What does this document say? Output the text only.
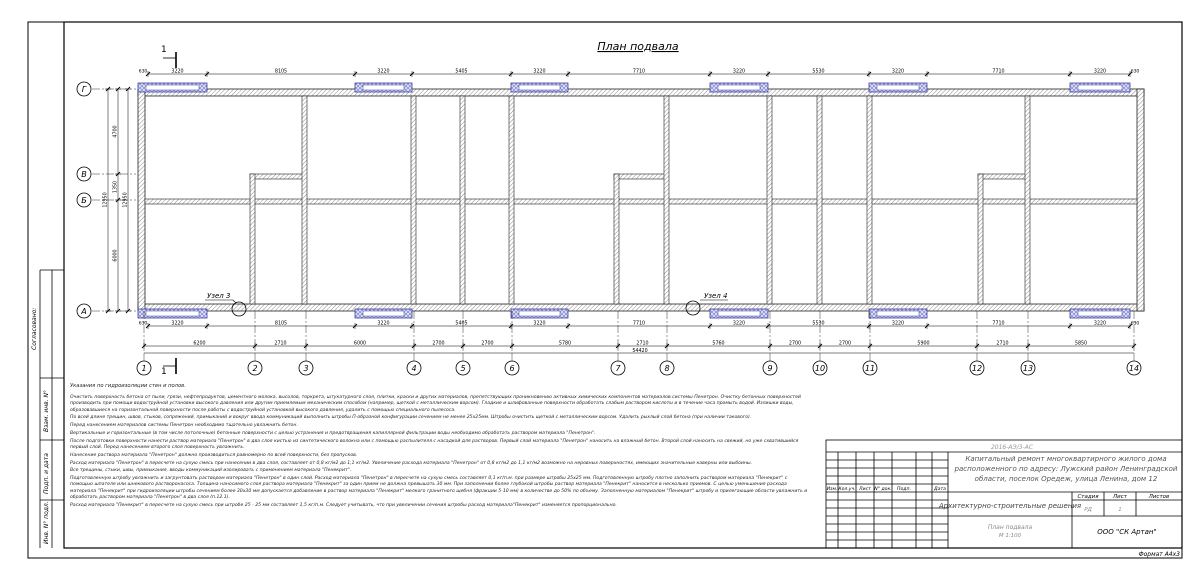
Согласовано:
Взам. инв. N°
Подп. и дата
Инв. N° подл.
План подвала
1
1
3220	8105	3220	5405	3220	7710	3220	5530	3220	7710	3220
630	630
3220	8105	3220	5405	3220	7710	3220	5530	3220	7710	3220
630	630
6200	2710	6000	2700	2700	5780	2710	5760	2700	2700	5900	2710	5850
54420
4700
1350
6000
12950	12950
Г
В
Б
А
1	2	3	4	5	6	7	8	9	10	11	12	13	14
Узел 3	Узел 4
2016-АЭ/3-АС
Капитальный ремонт многоквартирного жилого дома
расположенного по адресу: Лужский район Ленинградской
области, поселок Оредеж, улица Ленина, дом 12
Изм. Кол.уч. Лист N° док. Подп.	Дата
Архитектурно-строительные решения
Стадия	Лист	Листов
РД	1
План подвала
М 1:100	ООО "СК Артан"
Формат А4х3

Указания по гидроизоляции стен и полов.

Очистить поверхность бетона от пыли, грязи, нефтепродуктов, цементного молока, высолов, торкрета, штукатурного слоя, плитки, краски и других материалов, препятствующих проникновению активных химических компонентов материалов системы Пенетрон. Очистку бетонных поверхностей производить при помощи водоструйной установки высокого давления или другим приемлемым механическим способом (например, щеткой с металлическим ворсом). Гладкие и шлифованные поверхности обработать слабым раствором кислоты и в течение часа промыть водой. Излишки воды, образовавшиеся на горизонтальной поверхности после работы с водоструйной установкой высокого давления, удалить с помощью специального пылесоса.

По всей длине трещин, швов, стыков, сопряжений, примыканий и вокруг ввода коммуникаций выполнить штробы П-образной конфигурации сечением не менее 25x25мм. Штробы очистить щеткой с металлическим ворсом. Удалить рыхлый слой бетона (при наличии такового).

Перед нанесением материалов системы Пенетрон необходимо тщательно увлажнить бетон.

Вертикальные и горизонтальные (в том числе потолочные) бетонные поверхности с целью устранения и предотвращения капиллярной фильтрации воды необходимо обработать раствором материала "Пенетрон".

После подготовки поверхности нанести раствор материала "Пенетрон" в два слоя кистью из синтетического волокна или с помощью распылителя с насадкой для растворов. Первый слой материала "Пенетрон" наносить на влажный бетон. Второй слой наносить на свежий, но уже схватившийся первый слой. Перед нанесением второго слоя поверхность увлажнить.

Нанесение раствора материала "Пенетрон" должно производиться равномерно по всей поверхности, без пропусков.

Расход материала "Пенетрон" в пересчете на сухую смесь при нанесении в два слоя, составляет от 0,8 кг/м2 до 1,1 кг/м2. Увеличение расхода материала "Пенетрон" от 0,8 кг/м2 до 1,1 кг/м2 возможно на неровных поверхностях, имеющих значительные каверны или выбоины.

Все трещины, стыки, швы, примыкания, вводы коммуникаций изолировать с применением материала "Пенекрит".

Подготовленную штробу увлажнить и загрунтовать раствором материала "Пенетрон" в один слой. Расход материала "Пенетрон" в пересчете на сухую смесь составляет 0,1 кг/п.м. при размере штробы 25x25 мм. Подготовленную штробу плотно заполнить раствором материала "Пенекрит" с помощью шпателя или шнекового растворонасоса. Толщина наносимого слоя раствора материала "Пенекрит" за один прием не должна превышать 30 мм. При заполнении более глубокой штробы раствор материала "Пенекрит" наносится в несколько приемов. С целью уменьшения расхода материала "Пенекрит" при гидроизоляции штробы сечением более 30x30 мм допускается добавление в раствор материала "Пенекрит" мелкого гранитного щебня (фракции 5-10 мм) в количестве до 50% по объему. Заполненную материалом "Пенекрит" штробу и прилегающие области увлажнить и обработать раствором материала "Пенетрон" в два слоя (п.12.1).

Расход материала "Пенекрит" в пересчете на сухую смесь при штробе 25 - 25 мм составляет 1,5 кг/п.м. Следует учитывать, что при увеличении сечения штробы расход материала"Пенекрит" изменяется пропорционально.
